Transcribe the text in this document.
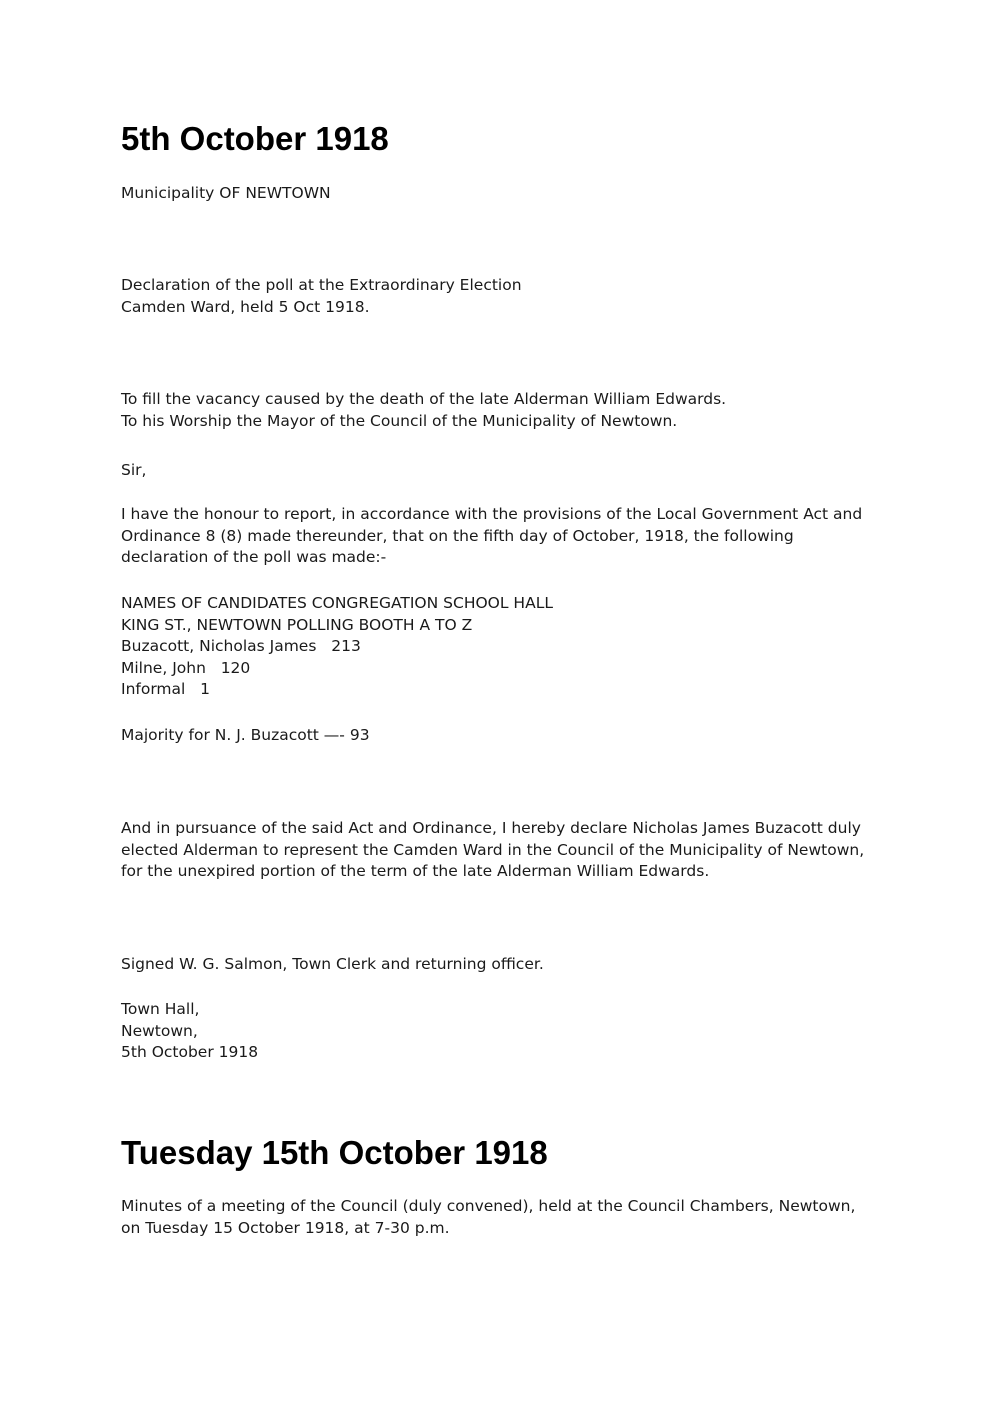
5th October 1918

Municipality OF NEWTOWN

Declaration of the poll at the Extraordinary Election
Camden Ward, held 5 Oct 1918.

To fill the vacancy caused by the death of the late Alderman William Edwards.
To his Worship the Mayor of the Council of the Municipality of Newtown.

Sir,

I have the honour to report, in accordance with the provisions of the Local Government Act and
Ordinance 8 (8) made thereunder, that on the fifth day of October, 1918, the following
declaration of the poll was made:-

NAMES OF CANDIDATES CONGREGATION SCHOOL HALL
KING ST., NEWTOWN POLLING BOOTH A TO Z
Buzacott, Nicholas James 213
Milne, John 120
Informal 1

Majority for N. J. Buzacott —- 93

And in pursuance of the said Act and Ordinance, I hereby declare Nicholas James Buzacott duly
elected Alderman to represent the Camden Ward in the Council of the Municipality of Newtown,
for the unexpired portion of the term of the late Alderman William Edwards.

Signed W. G. Salmon, Town Clerk and returning officer.

Town Hall,
Newtown,
5th October 1918

Tuesday 15th October 1918

Minutes of a meeting of the Council (duly convened), held at the Council Chambers, Newtown,
on Tuesday 15 October 1918, at 7-30 p.m.
